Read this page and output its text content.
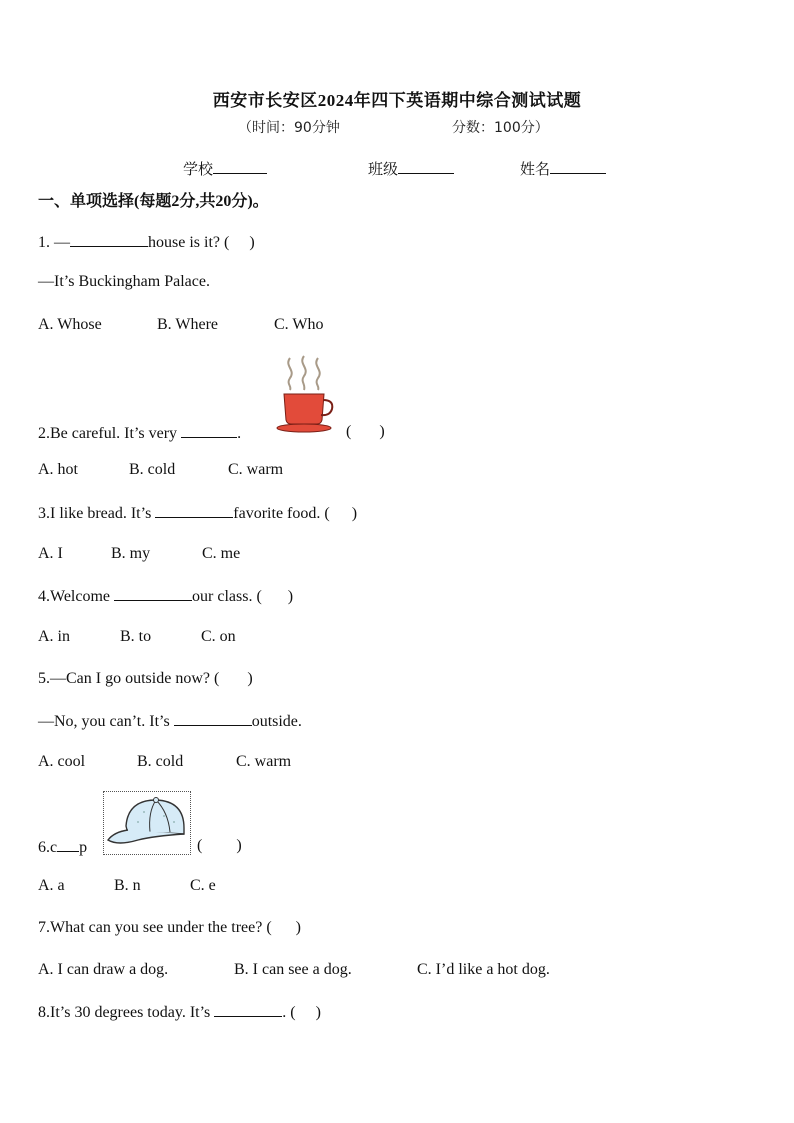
西安市长安区2024年四下英语期中综合测试试题
（时间：90分钟	分数：100分）
学校	班级	姓名
一、单项选择(每题2分,共20分)。
1. —	house is it? ( )
—It’s Buckingham Palace.
A. Whose	B. Where	C. Who
2.Be careful. It’s very	.	( )
A. hot	B. cold	C. warm
3.I like bread. It’s	favorite food. ( )
A. I	B. my	C. me
4.Welcome	our class. ( )
A. in	B. to	C. on
5.—Can I go outside now? ( )
—No, you can’t. It’s	outside.
A. cool	B. cold	C. warm
6.c p	( )
A. a	B. n	C. e
7.What can you see under the tree? ( )
A. I can draw a dog.	B. I can see a dog.	C. I’d like a hot dog.
8.It’s 30 degrees today. It’s	. ( )
